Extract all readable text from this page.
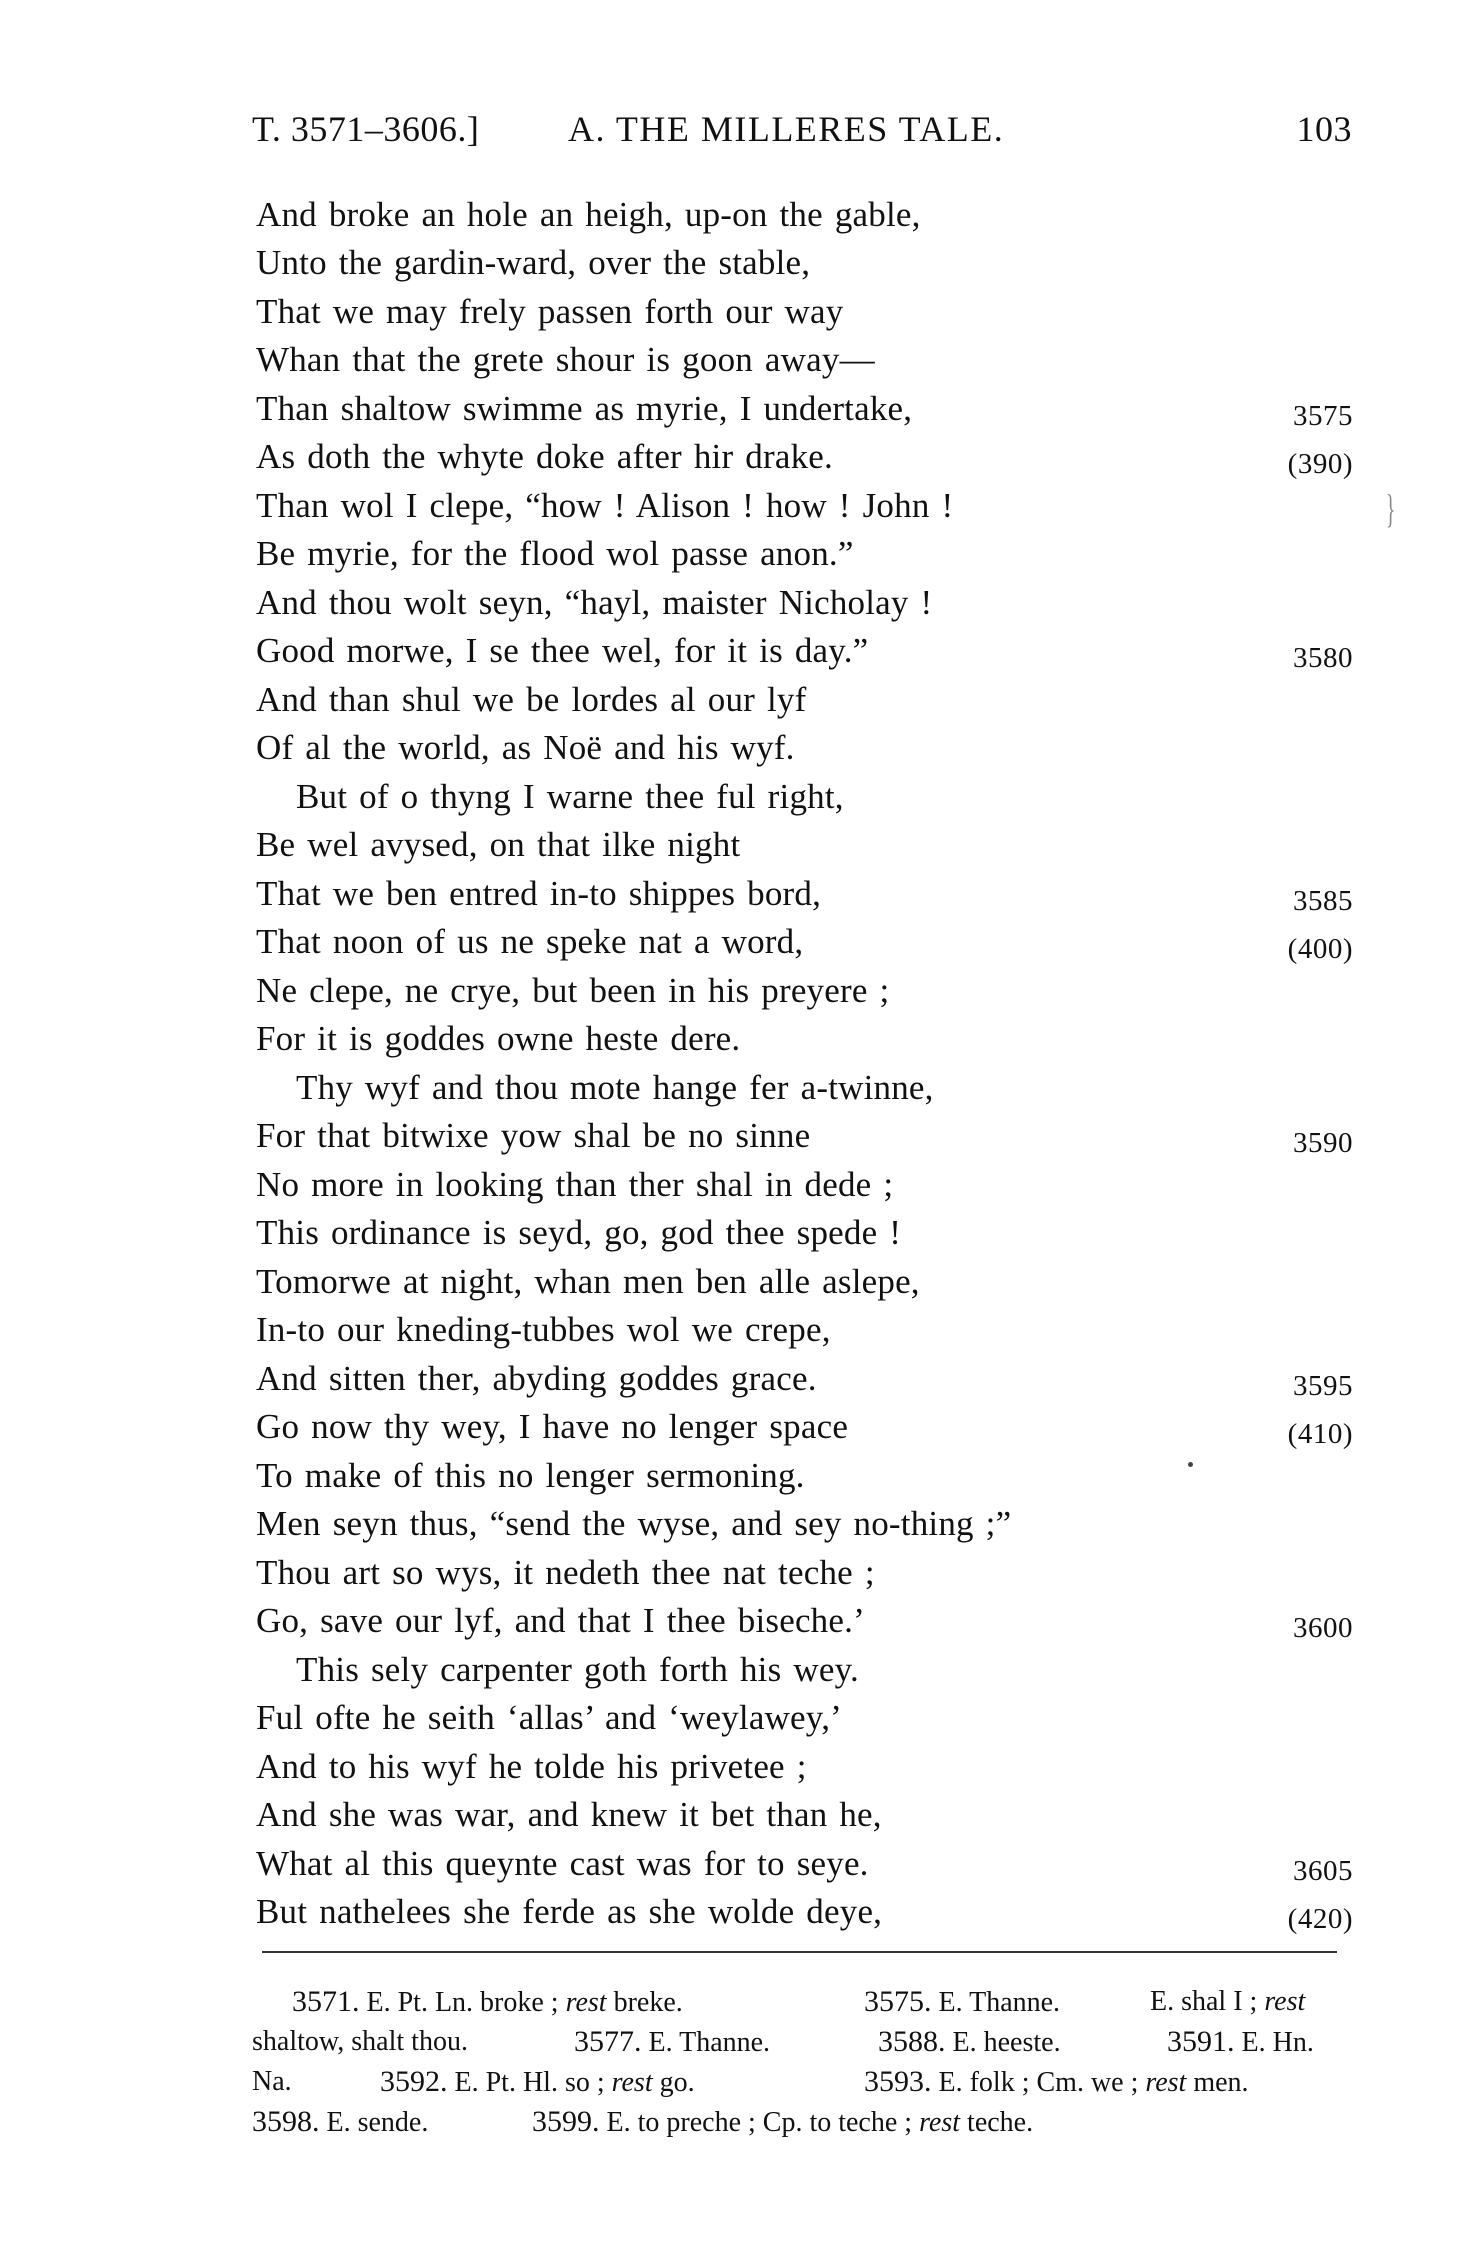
T. 3571–3606.] A. THE MILLERES TALE.	103
And broke an hole an heigh, up-on the gable,
Unto the gardin-ward, over the stable,
That we may frely passen forth our way
Whan that the grete shour is goon away—
Than shaltow swimme as myrie, I undertake,
As doth the whyte doke after hir drake.
Than wol I clepe, “how ! Alison ! how ! John !
Be myrie, for the flood wol passe anon.”
And thou wolt seyn, “hayl, maister Nicholay !
Good morwe, I se thee wel, for it is day.”
And than shul we be lordes al our lyf
Of al the world, as Noë and his wyf.
But of o thyng I warne thee ful right,
Be wel avysed, on that ilke night
That we ben entred in-to shippes bord,
That noon of us ne speke nat a word,
Ne clepe, ne crye, but been in his preyere ;
For it is goddes owne heste dere.
Thy wyf and thou mote hange fer a-twinne,
For that bitwixe yow shal be no sinne
No more in looking than ther shal in dede ;
This ordinance is seyd, go, god thee spede !
Tomorwe at night, whan men ben alle aslepe,
In-to our kneding-tubbes wol we crepe,
And sitten ther, abyding goddes grace.
Go now thy wey, I have no lenger space
To make of this no lenger sermoning.
Men seyn thus, “send the wyse, and sey no-thing ;”
Thou art so wys, it nedeth thee nat teche ;
Go, save our lyf, and that I thee biseche.’
This sely carpenter goth forth his wey.
Ful ofte he seith ‘allas’ and ‘weylawey,’
And to his wyf he tolde his privetee ;
And she was war, and knew it bet than he,
What al this queynte cast was for to seye.
But nathelees she ferde as she wolde deye,
3575
(390)
3580
3585
(400)
3590
3595
(410)
3600
3605
(420)
}
3571. E. Pt. Ln. broke ; rest breke.	3575. E. Thanne.	E. shal I ; rest
shaltow, shalt thou.	3577. E. Thanne.	3588. E. heeste.	3591. E. Hn.
Na.	3592. E. Pt. Hl. so ; rest go.	3593. E. folk ; Cm. we ; rest men.
3598. E. sende.	3599. E. to preche ; Cp. to teche ; rest teche.
